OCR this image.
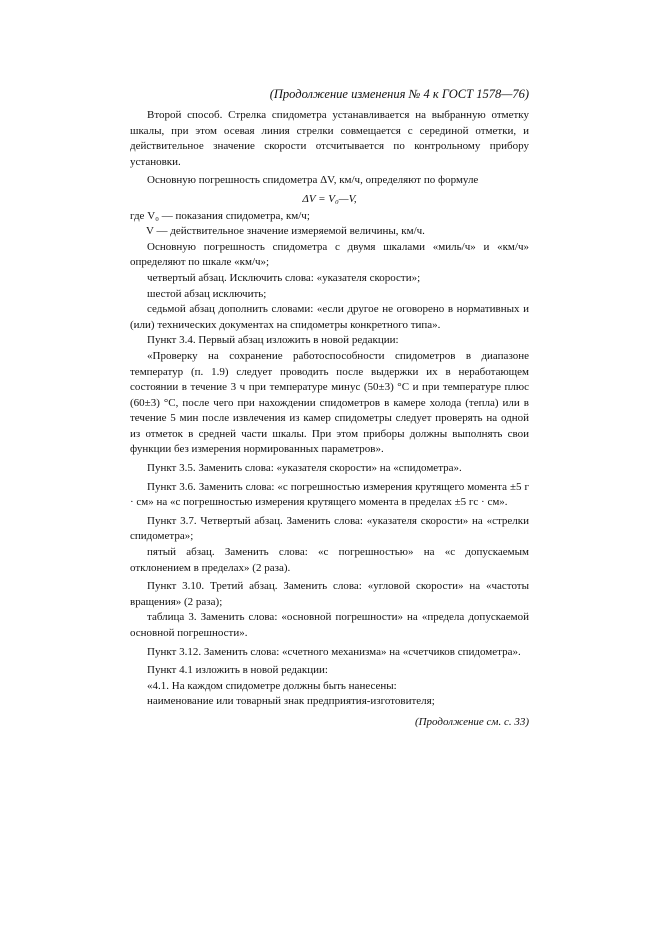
(Продолжение изменения № 4 к ГОСТ 1578—76)

Второй способ. Стрелка спидометра устанавливается на выбранную отметку шкалы, при этом осевая линия стрелки совмещается с серединой отметки, и действительное значение скорости отсчитывается по контрольному прибору установки.

Основную погрешность спидометра ΔV, км/ч, определяют по формуле

ΔV = V₀—V,

где V₀ — показания спидометра, км/ч;

V — действительное значение измеряемой величины, км/ч.

Основную погрешность спидометра с двумя шкалами «миль/ч» и «км/ч» определяют по шкале «км/ч»;

четвертый абзац. Исключить слова: «указателя скорости»;

шестой абзац исключить;

седьмой абзац дополнить словами: «если другое не оговорено в нормативных и (или) технических документах на спидометры конкретного типа».

Пункт 3.4. Первый абзац изложить в новой редакции:

«Проверку на сохранение работоспособности спидометров в диапазоне температур (п. 1.9) следует проводить после выдержки их в неработающем состоянии в течение 3 ч при температуре минус (50±3) °С и при температуре плюс (60±3) °С, после чего при нахождении спидометров в камере холода (тепла) или в течение 5 мин после извлечения из камер спидометры следует проверять на одной из отметок в средней части шкалы. При этом приборы должны выполнять свои функции без измерения нормированных параметров».

Пункт 3.5. Заменить слова: «указателя скорости» на «спидометра».

Пункт 3.6. Заменить слова: «с погрешностью измерения крутящего момента ±5 г · см» на «с погрешностью измерения крутящего момента в пределах ±5 гс · см».

Пункт 3.7. Четвертый абзац. Заменить слова: «указателя скорости» на «стрелки спидометра»;

пятый абзац. Заменить слова: «с погрешностью» на «с допускаемым отклонением в пределах» (2 раза).

Пункт 3.10. Третий абзац. Заменить слова: «угловой скорости» на «частоты вращения» (2 раза);

таблица 3. Заменить слова: «основной погрешности» на «предела допускаемой основной погрешности».

Пункт 3.12. Заменить слова: «счетного механизма» на «счетчиков спидометра».

Пункт 4.1 изложить в новой редакции:

«4.1. На каждом спидометре должны быть нанесены:

наименование или товарный знак предприятия-изготовителя;

(Продолжение см. с. 33)
